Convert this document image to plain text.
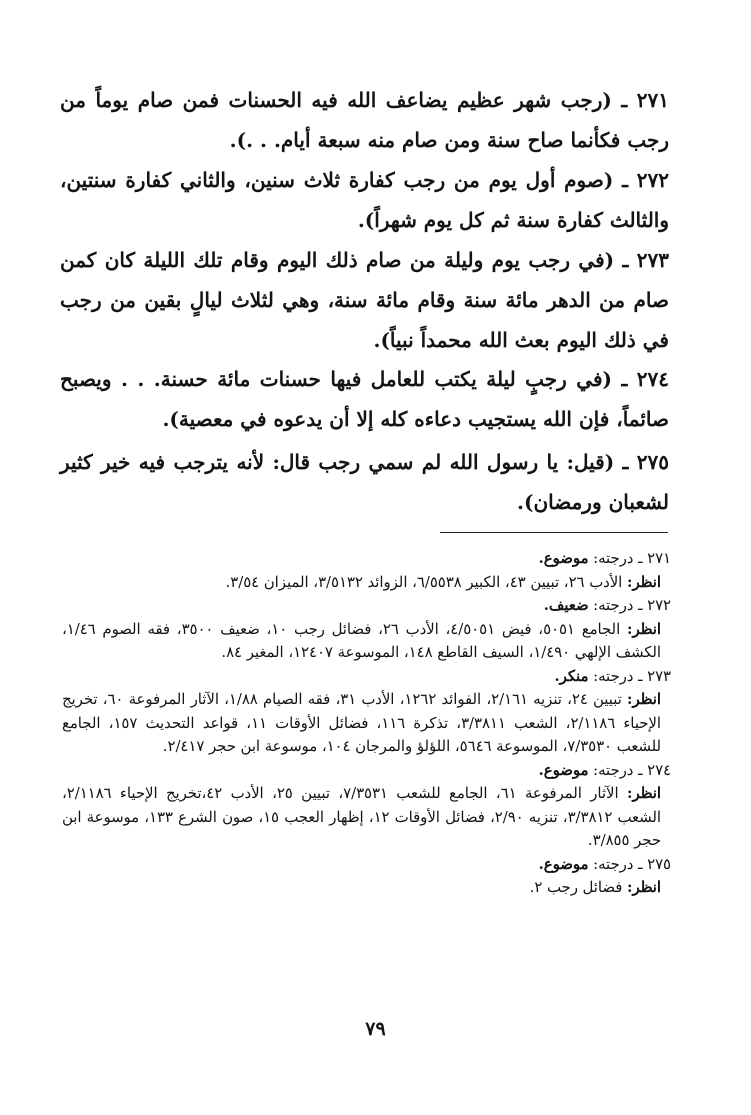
٢٧١ ـ (رجب شهر عظيم يضاعف الله فيه الحسنات فمن صام يوماً من رجب فكأنما صاح سنة ومن صام منه سبعة أيام. . .).
٢٧٢ ـ (صوم أول يوم من رجب كفارة ثلاث سنين، والثاني كفارة سنتين، والثالث كفارة سنة ثم كل يوم شهراً).
٢٧٣ ـ (في رجب يوم وليلة من صام ذلك اليوم وقام تلك الليلة كان كمن صام من الدهر مائة سنة وقام مائة سنة، وهي لثلاث ليالٍ بقين من رجب في ذلك اليوم بعث الله محمداً نبياً).
٢٧٤ ـ (في رجبٍ ليلة يكتب للعامل فيها حسنات مائة حسنة. . . ويصبح صائماً، فإن الله يستجيب دعاءه كله إلا أن يدعوه في معصية).
٢٧٥ ـ (قيل: يا رسول الله لم سمي رجب قال: لأنه يترجب فيه خير كثير لشعبان ورمضان).
٢٧١ ـ درجته: موضوع.
انظر: الأدب ٢٦، تبيين ٤٣، الكبير ٦/٥٥٣٨، الزوائد ٣/٥١٣٢، الميزان ٣/٥٤.
٢٧٢ ـ درجته: ضعيف.
انظر: الجامع ٥٠٥١، فيض ٤/٥٠٥١، الأدب ٢٦، فضائل رجب ١٠، ضعيف ٣٥٠٠، فقه الصوم ١/٤٦، الكشف الإلهي ١/٤٩٠، السيف القاطع ١٤٨، الموسوعة ١٢٤٠٧، المغير ٨٤.
٢٧٣ ـ درجته: منكر.
انظر: تبيين ٢٤، تنزيه ٢/١٦١، الفوائد ١٢٦٢، الأدب ٣١، فقه الصيام ١/٨٨، الآثار المرفوعة ٦٠، تخريج الإحياء ٢/١١٨٦، الشعب ٣/٣٨١١، تذكرة ١١٦، فضائل الأوقات ١١، قواعد التحديث ١٥٧، الجامع للشعب ٧/٣٥٣٠، الموسوعة ٥٦٤٦، اللؤلؤ والمرجان ١٠٤، موسوعة ابن حجر ٢/٤١٧.
٢٧٤ ـ درجته: موضوع.
انظر: الآثار المرفوعة ٦١، الجامع للشعب ٧/٣٥٣١، تبيين ٢٥، الأدب ٤٢،تخريج الإحياء ٢/١١٨٦، الشعب ٣/٣٨١٢، تنزيه ٢/٩٠، فضائل الأوقات ١٢، إظهار العجب ١٥، صون الشرع ١٣٣، موسوعة ابن حجر ٣/٨٥٥.
٢٧٥ ـ درجته: موضوع.
انظر: فضائل رجب ٢.
٧٩
